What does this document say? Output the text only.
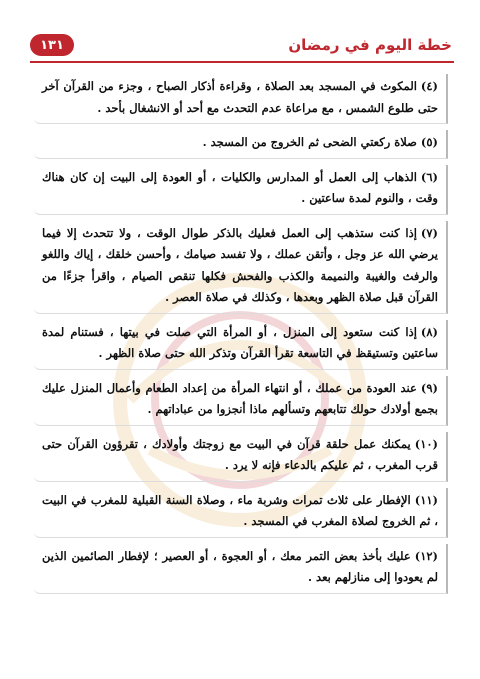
خطة اليوم في رمضان
١٣١
(٤)المكوث في المسجد بعد الصلاة ، وقراءة أذكار الصباح ، وجزء من القرآن آخر حتى طلوع الشمس ، مع مراعاة عدم التحدث مع أحد أو الانشغال بأحد .
(٥)صلاة ركعتي الضحى ثم الخروج من المسجد .
(٦)الذهاب إلى العمل أو المدارس والكليات ، أو العودة إلى البيت إن كان هناك وقت ، والنوم لمدة ساعتين .
(٧)إذا كنت ستذهب إلى العمل فعليك بالذكر طوال الوقت ، ولا تتحدث إلا فيما يرضي الله عز وجل ، وأتقن عملك ، ولا تفسد صيامك ، وأحسن خلقك ، إياك واللغو والرفث والغيبة والنميمة والكذب والفحش فكلها تنقص الصيام ، واقرأ جزءًا من القرآن قبل صلاة الظهر وبعدها ، وكذلك في صلاة العصر .
(٨)إذا كنت ستعود إلى المنزل ، أو المرأة التي صلت في بيتها ، فستنام لمدة ساعتين وتستيقظ في التاسعة تقرأ القرآن وتذكر الله حتى صلاة الظهر .
(٩)عند العودة من عملك ، أو انتهاء المرأة من إعداد الطعام وأعمال المنزل عليك بجمع أولادك حولك تتابعهم وتسألهم ماذا أنجزوا من عباداتهم .
(١٠)يمكنك عمل حلقة قرآن في البيت مع زوجتك وأولادك ، تقرؤون القرآن حتى قرب المغرب ، ثم عليكم بالدعاء فإنه لا يرد .
(١١)الإفطار على ثلاث تمرات وشربة ماء ، وصلاة السنة القبلية للمغرب في البيت ، ثم الخروج لصلاة المغرب في المسجد .
(١٢)عليك بأخذ بعض التمر معك ، أو العجوة ، أو العصير ؛ لإفطار الصائمين الذين لم يعودوا إلى منازلهم بعد .
